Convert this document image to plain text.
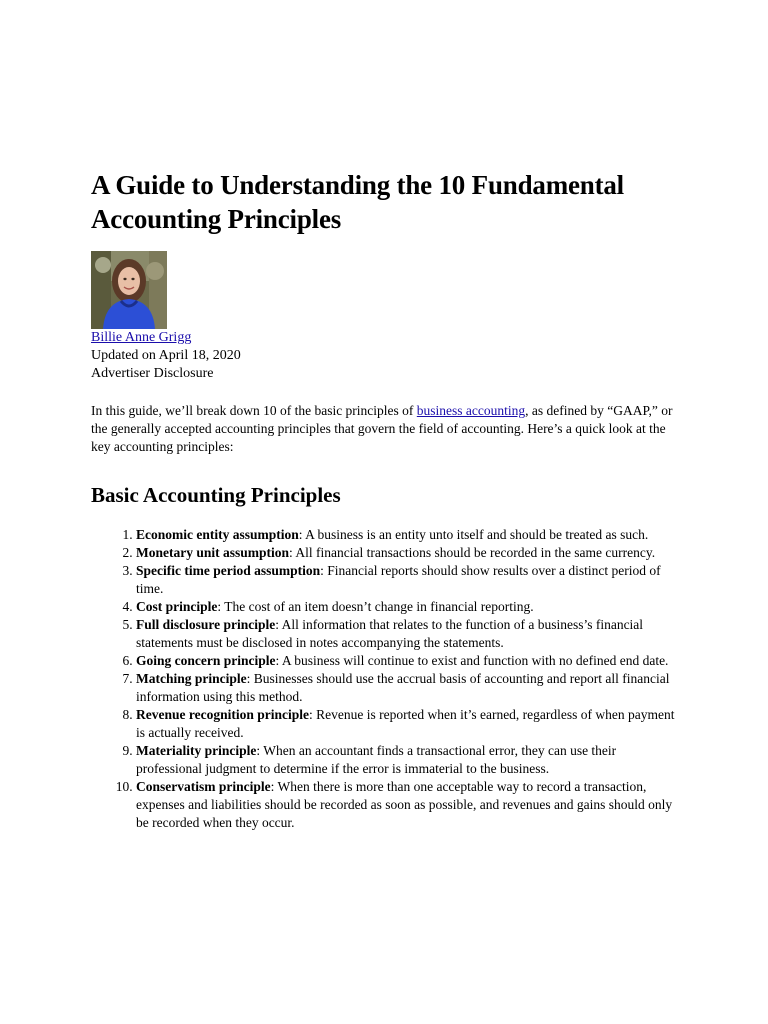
A Guide to Understanding the 10 Fundamental Accounting Principles
Billie Anne Grigg
Updated on April 18, 2020
Advertiser Disclosure

In this guide, we’ll break down 10 of the basic principles of business accounting, as defined by “GAAP,” or the generally accepted accounting principles that govern the field of accounting. Here’s a quick look at the key accounting principles:

Basic Accounting Principles
1. Economic entity assumption: A business is an entity unto itself and should be treated as such.
2. Monetary unit assumption: All financial transactions should be recorded in the same currency.
3. Specific time period assumption: Financial reports should show results over a distinct period of time.
4. Cost principle: The cost of an item doesn’t change in financial reporting.
5. Full disclosure principle: All information that relates to the function of a business’s financial statements must be disclosed in notes accompanying the statements.
6. Going concern principle: A business will continue to exist and function with no defined end date.
7. Matching principle: Businesses should use the accrual basis of accounting and report all financial information using this method.
8. Revenue recognition principle: Revenue is reported when it’s earned, regardless of when payment is actually received.
9. Materiality principle: When an accountant finds a transactional error, they can use their professional judgment to determine if the error is immaterial to the business.
10. Conservatism principle: When there is more than one acceptable way to record a transaction, expenses and liabilities should be recorded as soon as possible, and revenues and gains should only be recorded when they occur.
